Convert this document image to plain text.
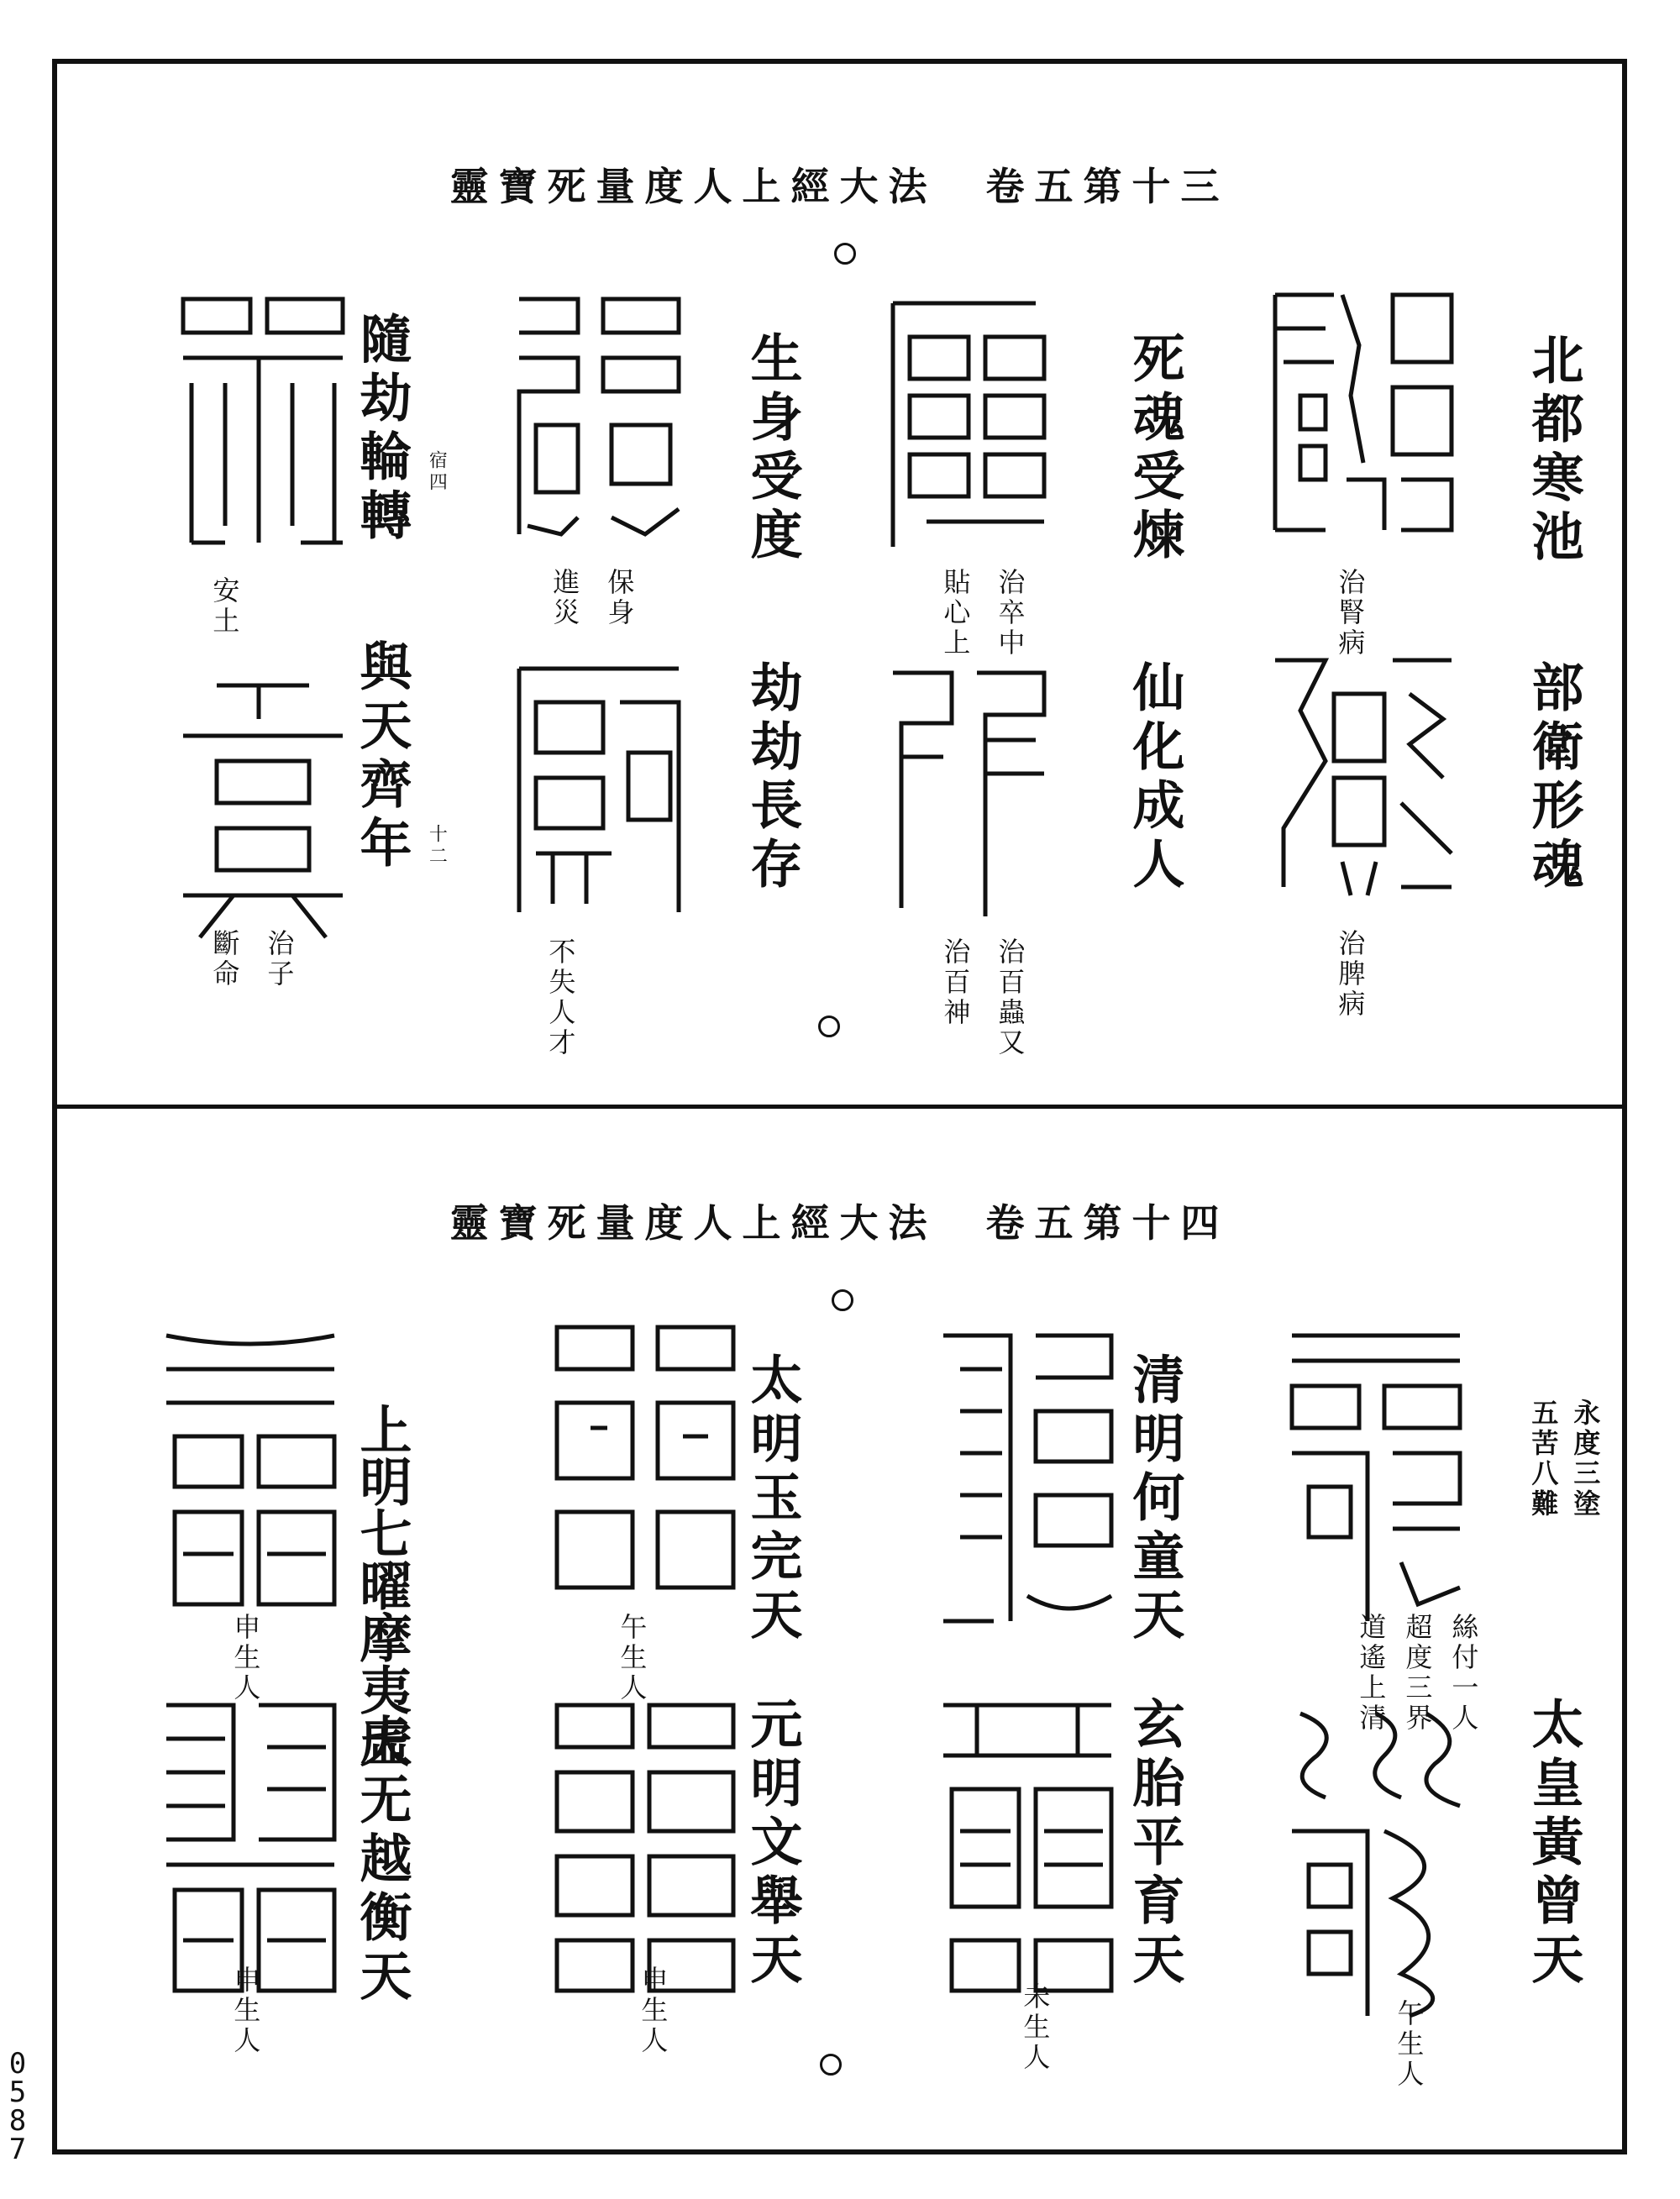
靈寶死量度人上經大法　卷五第十三
北都寒池
部衛形魂
死魂受煉
仙化成人
生身受度
劫劫長存
隨劫輪轉
與天齊年
治腎病
治脾病
治卒中
貼心上
治百蟲又
治百神
保身
進災
不失人才
安土
治子
斷命
宿四
十二
靈寶死量度人上經大法　卷五第十四
永度三塗
五苦八難
太皇黃曾天
清明何童天
玄胎平育天
太明玉完天
元明文舉天
上明七曜摩夷天
虛无越衡天
絲付一人
超度三界
道遙上清
午生人
未生人
午生人
申生人
申生人
申生人
0
5
8
7
